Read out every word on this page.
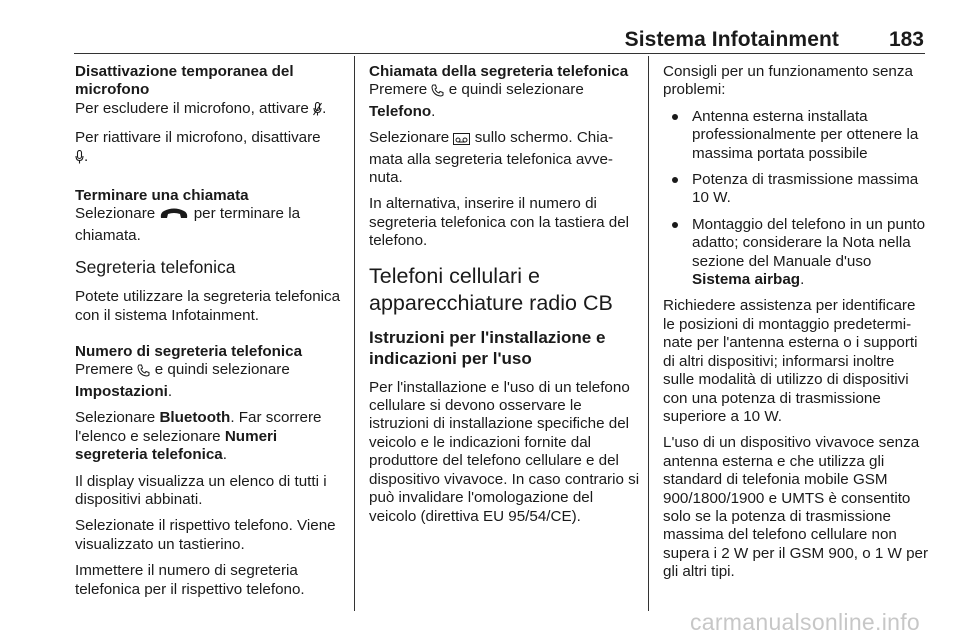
Sistema Infotainment 183

Disattivazione temporanea del microfono

Per escludere il microfono, attivare .

Per riattivare il microfono, disattivare
.

Terminare una chiamata

Selezionare	per terminare la chiamata.

Segreteria telefonica

Potete utilizzare la segreteria telefonica con il sistema Infotainment.

Numero di segreteria telefonica

Premere e quindi selezionare
Impostazioni.

Selezionare Bluetooth. Far scorrere l'elenco e selezionare Numeri segreteria telefonica.

Il display visualizza un elenco di tutti i dispositivi abbinati.

Selezionate il rispettivo telefono. Viene visualizzato un tastierino.

Immettere il numero di segreteria telefonica per il rispettivo telefono.

Chiamata della segreteria telefonica

Premere e quindi selezionare
Telefono.

Selezionare sullo schermo. Chiamata alla segreteria telefonica avvenuta.

In alternativa, inserire il numero di segreteria telefonica con la tastiera del telefono.

Telefoni cellulari e apparecchiature radio CB

Istruzioni per l'installazione e indicazioni per l'uso

Per l'installazione e l'uso di un telefono cellulare si devono osservare le istruzioni di installazione specifiche del veicolo e le indicazioni fornite dal produttore del telefono cellulare e del dispositivo vivavoce. In caso contrario si può invalidare l'omologazione del veicolo (direttiva EU 95/54/CE).

Consigli per un funzionamento senza problemi:

Antenna esterna installata professionalmente per ottenere la massima portata possibile
Potenza di trasmissione massima 10 W.
Montaggio del telefono in un punto adatto; considerare la Nota nella sezione del Manuale d'uso Sistema airbag.

Richiedere assistenza per identificare le posizioni di montaggio predeterminate per l'antenna esterna o i supporti di altri dispositivi; informarsi inoltre sulle modalità di utilizzo di dispositivi con una potenza di trasmissione superiore a 10 W.

L'uso di un dispositivo vivavoce senza antenna esterna e che utilizza gli standard di telefonia mobile GSM 900/1800/1900 e UMTS è consentito solo se la potenza di trasmissione massima del telefono cellulare non supera i 2 W per il GSM 900, o 1 W per gli altri tipi.

carmanualsonline.info
